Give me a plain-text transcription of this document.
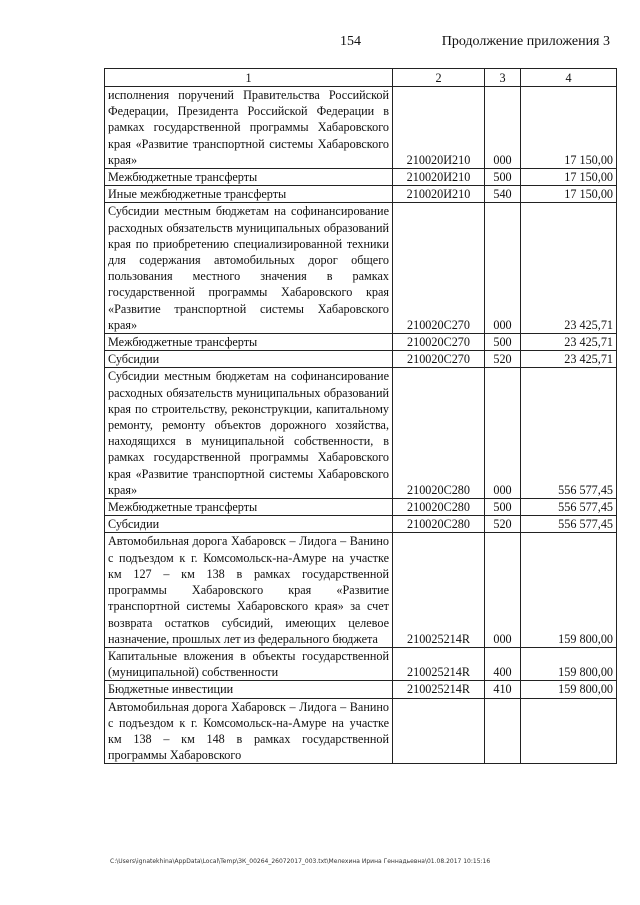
154	Продолжение приложения 3
1	2	3	4
исполнения поручений Правительства Российской Федерации, Президента Российской Федерации в рамках государственной программы Хабаровского края «Развитие транспортной системы Хабаровского края»	210020И210	000	17 150,00
Межбюджетные трансферты	210020И210	500	17 150,00
Иные межбюджетные трансферты	210020И210	540	17 150,00
Субсидии местным бюджетам на софинансирование расходных обязательств муниципальных образований края по приобретению специализированной техники для содержания автомобильных дорог общего пользования местного значения в рамках государственной программы Хабаровского края «Развитие транспортной системы Хабаровского края»	210020С270	000	23 425,71
Межбюджетные трансферты	210020С270	500	23 425,71
Субсидии	210020С270	520	23 425,71
Субсидии местным бюджетам на софинансирование расходных обязательств муниципальных образований края по строительству, реконструкции, капитальному ремонту, ремонту объектов дорожного хозяйства, находящихся в муниципальной собственности, в рамках государственной программы Хабаровского края «Развитие транспортной системы Хабаровского края»	210020С280	000	556 577,45
Межбюджетные трансферты	210020С280	500	556 577,45
Субсидии	210020С280	520	556 577,45
Автомобильная дорога Хабаровск – Лидога – Ванино с подъездом к г. Комсомольск-на-Амуре на участке км 127 – км 138 в рамках государственной программы Хабаровского края «Развитие транспортной системы Хабаровского края» за счет возврата остатков субсидий, имеющих целевое назначение, прошлых лет из федерального бюджета	210025214R	000	159 800,00
Капитальные вложения в объекты государственной (муниципальной) собственности	210025214R	400	159 800,00
Бюджетные инвестиции	210025214R	410	159 800,00
Автомобильная дорога Хабаровск – Лидога – Ванино с подъездом к г. Комсомольск-на-Амуре на участке км 138 – км 148 в рамках государственной программы Хабаровского			
C:\Users\ignatekhina\AppData\Local\Temp\ЗК_00264_26072017_003.txt\Мелехина Ирина Геннадьевна\01.08.2017 10:15:16
